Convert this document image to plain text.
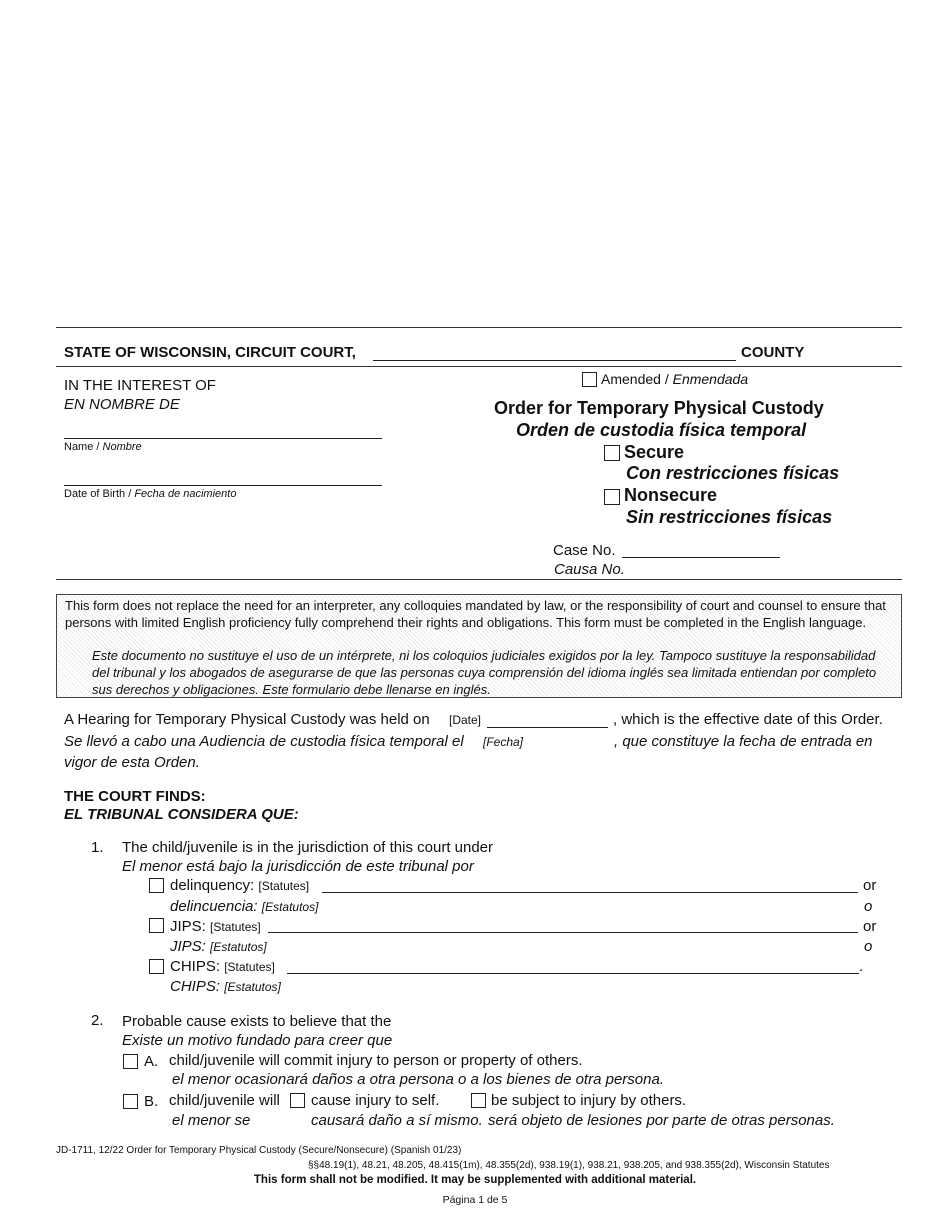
STATE OF WISCONSIN, CIRCUIT COURT,	COUNTY
IN THE INTEREST OF
EN NOMBRE DE
Name / Nombre
Date of Birth / Fecha de nacimiento
Amended / Enmendada
Order for Temporary Physical Custody
Orden de custodia física temporal
Secure
Con restricciones físicas
Nonsecure
Sin restricciones físicas
Case No.
Causa No.
This form does not replace the need for an interpreter, any colloquies mandated by law, or the responsibility of court and counsel to ensure that persons with limited English proficiency fully comprehend their rights and obligations. This form must be completed in the English language.
Este documento no sustituye el uso de un intérprete, ni los coloquios judiciales exigidos por la ley. Tampoco sustituye la responsabilidad del tribunal y los abogados de asegurarse de que las personas cuya comprensión del idioma inglés sea limitada entiendan por completo sus derechos y obligaciones. Este formulario debe llenarse en inglés.
A Hearing for Temporary Physical Custody was held on [Date]	, which is the effective date of this Order.
Se llevó a cabo una Audiencia de custodia física temporal el [Fecha]	, que constituye la fecha de entrada en
vigor de esta Orden.
THE COURT FINDS:
EL TRIBUNAL CONSIDERA QUE:
1. The child/juvenile is in the jurisdiction of this court under
El menor está bajo la jurisdicción de este tribunal por
delinquency: [Statutes]	or
delincuencia: [Estatutos]	o
JIPS: [Statutes]	or
JIPS: [Estatutos]	o
CHIPS: [Statutes]	.
CHIPS: [Estatutos]
2. Probable cause exists to believe that the
Existe un motivo fundado para creer que
A. child/juvenile will commit injury to person or property of others.
el menor ocasionará daños a otra persona o a los bienes de otra persona.
B. child/juvenile will cause injury to self.	be subject to injury by others.
el menor se	causará daño a sí mismo. será objeto de lesiones por parte de otras personas.
JD-1711, 12/22 Order for Temporary Physical Custody (Secure/Nonsecure) (Spanish 01/23)
§§48.19(1), 48.21, 48.205, 48.415(1m), 48.355(2d), 938.19(1), 938.21, 938.205, and 938.355(2d), Wisconsin Statutes
This form shall not be modified. It may be supplemented with additional material.
Página 1 de 5
